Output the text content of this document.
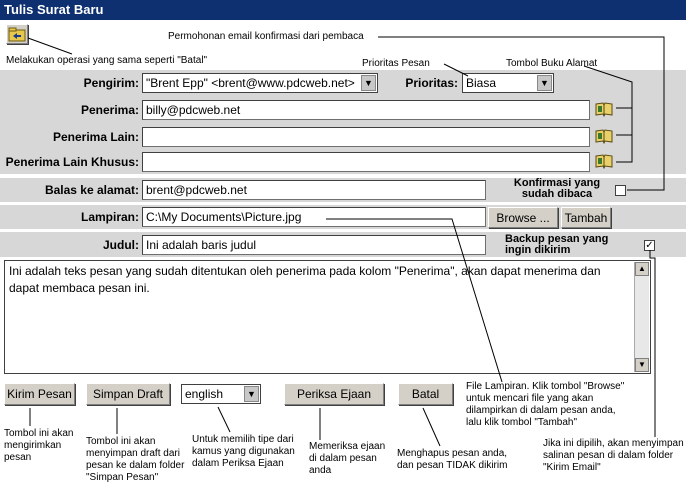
Tulis Surat Baru
Permohonan email konfirmasi dari pembaca
Melakukan operasi yang sama seperti "Batal"	Prioritas Pesan	Tombol Buku Alamat
Pengirim: "Brent Epp" <brent@www.pdcweb.net>	▼	Prioritas: Biasa	▼
Penerima: billy@pdcweb.net
Penerima Lain:
Penerima Lain Khusus:
Balas ke alamat: brent@pdcweb.net	Konfirmasi yang sudah dibaca
Lampiran: C:\My Documents\Picture.jpg	Browse ...	Tambah
Judul: Ini adalah baris judul	Backup pesan yang ingin dikirim	✓
Ini adalah teks pesan yang sudah ditentukan oleh penerima pada kolom "Penerima", akan dapat menerima dan dapat membaca pesan ini.
▲
▼
Kirim Pesan	Simpan Draft	english	▼	Periksa Ejaan	Batal
File Lampiran. Klik tombol "Browse" untuk mencari file yang akan dilampirkan di dalam pesan anda, lalu klik tombol "Tambah"
Tombol ini akan mengirimkan pesan
Tombol ini akan menyimpan draft dari pesan ke dalam folder "Simpan Pesan"
Untuk memilih tipe dari kamus yang digunakan dalam Periksa Ejaan
Memeriksa ejaan di dalam pesan anda
Menghapus pesan anda, dan pesan TIDAK dikirim
Jika ini dipilih, akan menyimpan salinan pesan di dalam folder "Kirim Email"
